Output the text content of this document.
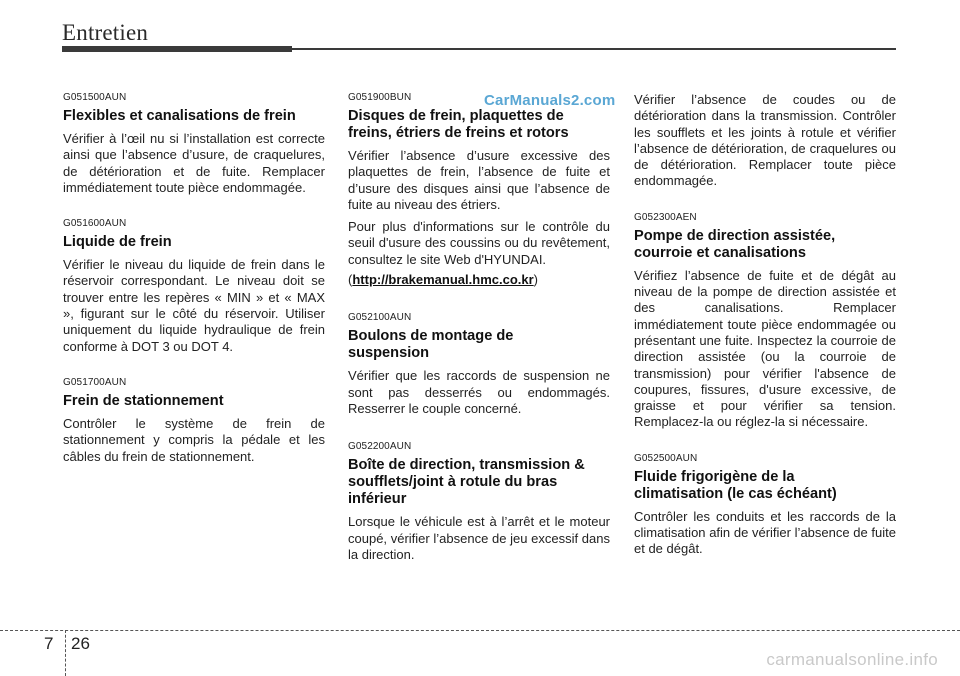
Entretien
CarManuals2.com
G051500AUN
Flexibles et canalisations de frein

Vérifier à l’œil nu si l’installation est correcte ainsi que l’absence d’usure, de craquelures, de détérioration et de fuite. Remplacer immédiatement toute pièce endommagée.

G051600AUN
Liquide de frein

Vérifier le niveau du liquide de frein dans le réservoir correspondant. Le niveau doit se trouver entre les repères « MIN » et « MAX », figurant sur le côté du réservoir. Utiliser uniquement du liquide hydraulique de frein conforme à DOT 3 ou DOT 4.

G051700AUN
Frein de stationnement

Contrôler le système de frein de stationnement y compris la pédale et les câbles du frein de stationnement.

G051900BUN
Disques de frein, plaquettes de freins, étriers de freins et rotors

Vérifier l’absence d’usure excessive des plaquettes de frein, l’absence de fuite et d’usure des disques ainsi que l’absence de fuite au niveau des étriers.

Pour plus d'informations sur le contrôle du seuil d'usure des coussins ou du revêtement, consultez le site Web d'HYUNDAI.

(http://brakemanual.hmc.co.kr)

G052100AUN
Boulons de montage de suspension

Vérifier que les raccords de suspension ne sont pas desserrés ou endommagés. Resserrer le couple concerné.

G052200AUN
Boîte de direction, transmission & soufflets/joint à rotule du bras inférieur

Lorsque le véhicule est à l’arrêt et le moteur coupé, vérifier l’absence de jeu excessif dans la direction.

Vérifier l’absence de coudes ou de détérioration dans la transmission. Contrôler les soufflets et les joints à rotule et vérifier l’absence de détérioration, de craquelures ou de détérioration. Remplacer toute pièce endommagée.

G052300AEN
Pompe de direction assistée, courroie et canalisations

Vérifiez l’absence de fuite et de dégât au niveau de la pompe de direction assistée et des canalisations. Remplacer immédiatement toute pièce endommagée ou présentant une fuite. Inspectez la courroie de direction assistée (ou la courroie de transmission) pour vérifier l'absence de coupures, fissures, d'usure excessive, de graisse et pour vérifier sa tension. Remplacez-la ou réglez-la si nécessaire.

G052500AUN
Fluide frigorigène de la climatisation (le cas échéant)

Contrôler les conduits et les raccords de la climatisation afin de vérifier l’absence de fuite et de dégât.

7 26
carmanualsonline.info
